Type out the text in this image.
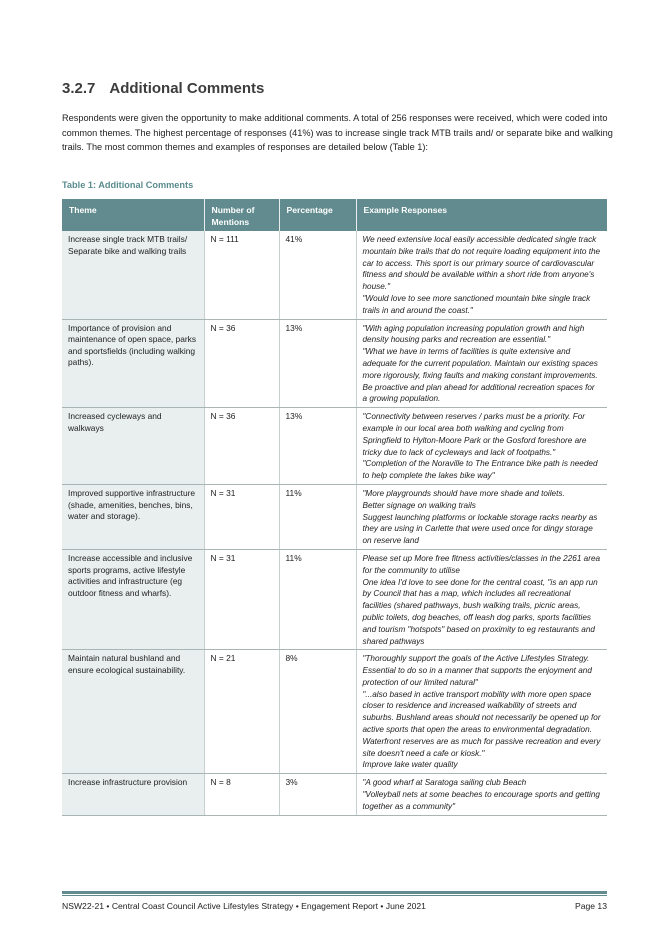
3.2.7 Additional Comments
Respondents were given the opportunity to make additional comments. A total of 256 responses were received, which were coded into common themes. The highest percentage of responses (41%) was to increase single track MTB trails and/ or separate bike and walking trails. The most common themes and examples of responses are detailed below (Table 1):
Table 1: Additional Comments
Theme	Number of Mentions	Percentage	Example Responses
Increase single track MTB trails/ Separate bike and walking trails	N = 111	41%	We need extensive local easily accessible dedicated single track mountain bike trails that do not require loading equipment into the car to access. This sport is our primary source of cardiovascular fitness and should be available within a short ride from anyone's house."
"Would love to see more sanctioned mountain bike single track trails in and around the coast."

Importance of provision and maintenance of open space, parks and sportsfields (including walking paths).	N = 36	13%	"With aging population increasing population growth and high density housing parks and recreation are essential."
"What we have in terms of facilities is quite extensive and adequate for the current population. Maintain our existing spaces more rigorously, fixing faults and making constant improvements. Be proactive and plan ahead for additional recreation spaces for a growing population.

Increased cycleways and walkways	N = 36	13%	"Connectivity between reserves / parks must be a priority. For example in our local area both walking and cycling from Springfield to Hylton-Moore Park or the Gosford foreshore are tricky due to lack of cycleways and lack of footpaths."
"Completion of the Noraville to The Entrance bike path is needed to help complete the lakes bike way"

Improved supportive infrastructure (shade, amenities, benches, bins, water and storage).	N = 31	11%	"More playgrounds should have more shade and toilets.
Better signage on walking trails
Suggest launching platforms or lockable storage racks nearby as they are using in Carlette that were used once for dingy storage on reserve land

Increase accessible and inclusive sports programs, active lifestyle activities and infrastructure (eg outdoor fitness and wharfs).	N = 31	11%	Please set up More free fitness activities/classes in the 2261 area for the community to utilise
One idea I'd love to see done for the central coast, "is an app run by Council that has a map, which includes all recreational facilities (shared pathways, bush walking trails, picnic areas, public toilets, dog beaches, off leash dog parks, sports facilities and tourism "hotspots" based on proximity to eg restaurants and shared pathways

Maintain natural bushland and ensure ecological sustainability.	N = 21	8%	"Thoroughly support the goals of the Active Lifestyles Strategy. Essential to do so in a manner that supports the enjoyment and protection of our limited natural"
"...also based in active transport mobility with more open space closer to residence and increased walkability of streets and suburbs. Bushland areas should not necessarily be opened up for active sports that open the areas to environmental degradation. Waterfront reserves are as much for passive recreation and every site doesn't need a cafe or kiosk."
Improve lake water quality

Increase infrastructure provision	N = 8	3%	"A good wharf at Saratoga sailing club Beach
"Volleyball nets at some beaches to encourage sports and getting together as a community"
NSW22-21 • Central Coast Council Active Lifestyles Strategy • Engagement Report • June 2021	Page 13
